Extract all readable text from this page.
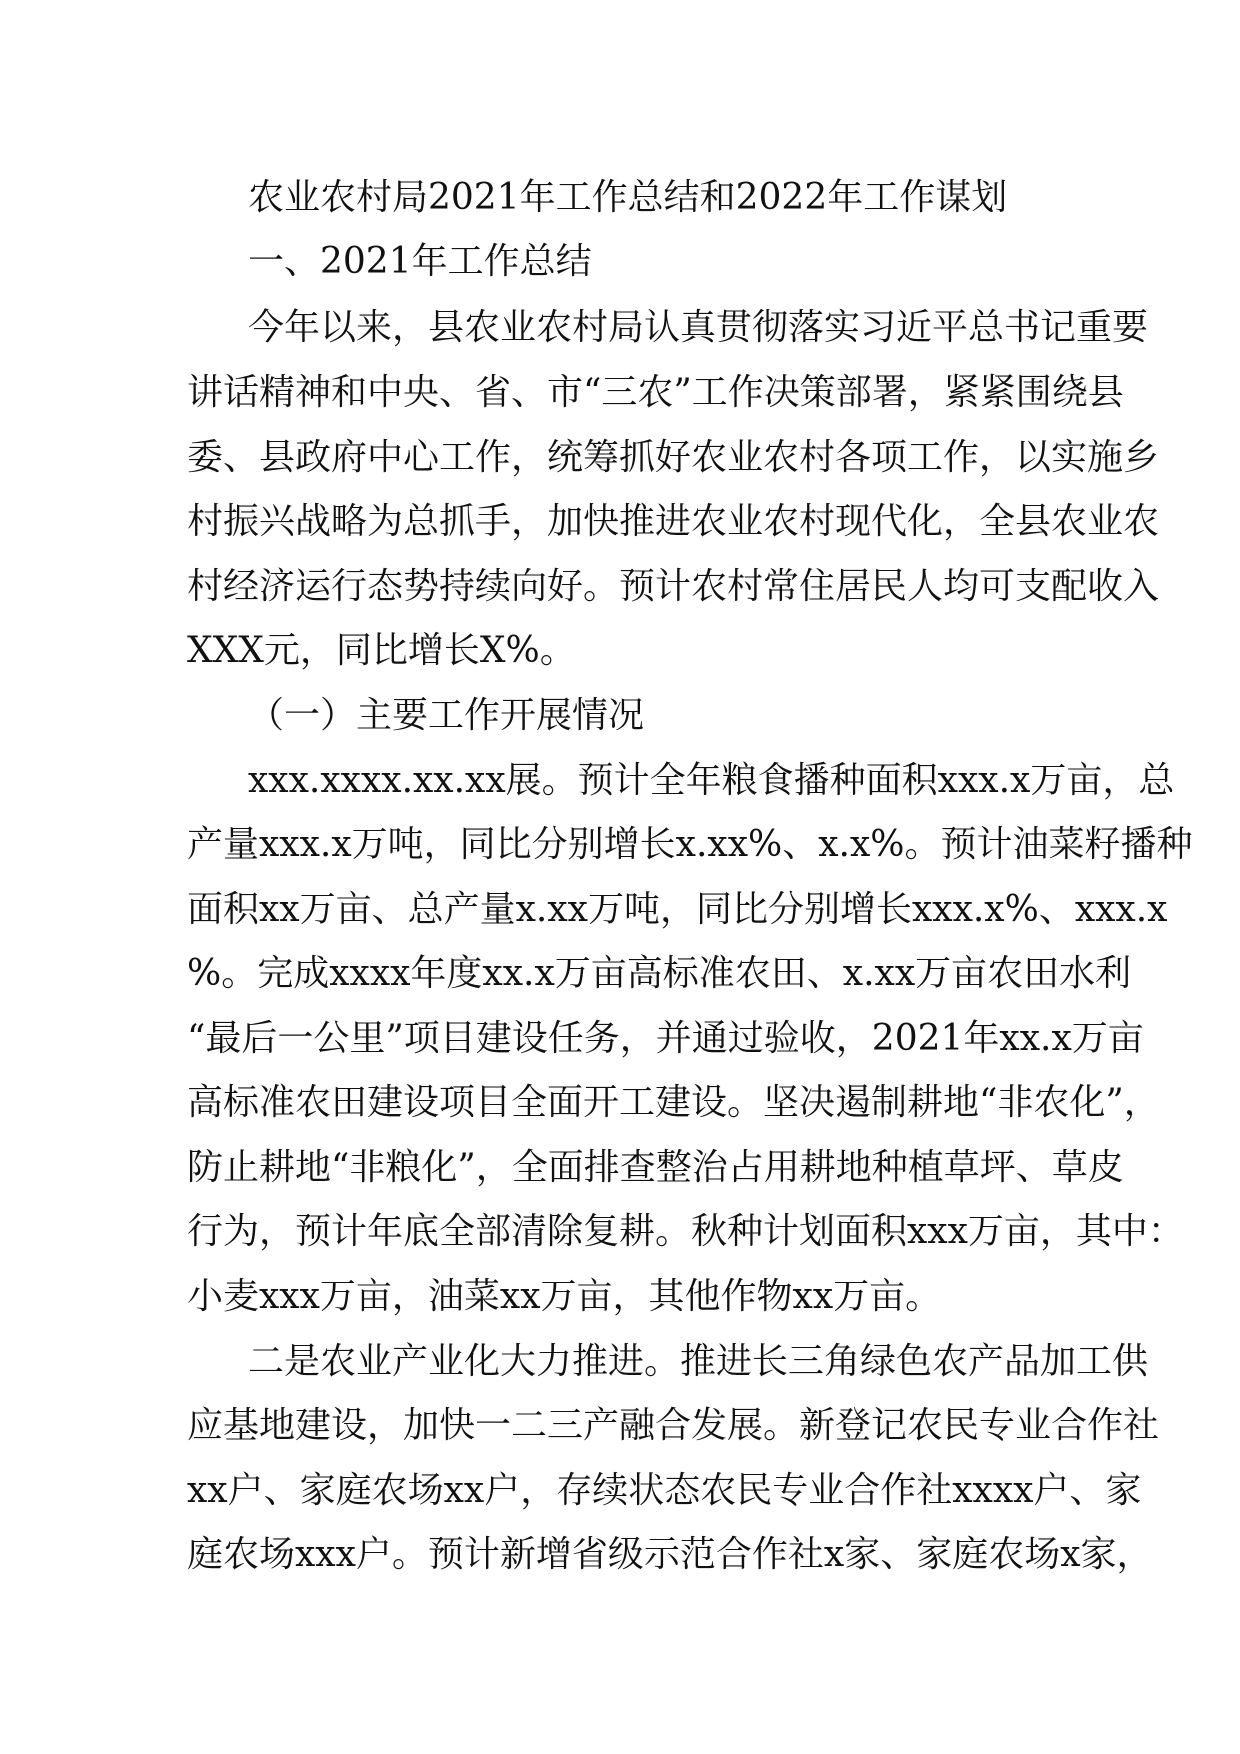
农业农村局2021年工作总结和2022年工作谋划
一、2021年工作总结
今年以来，县农业农村局认真贯彻落实习近平总书记重要
讲话精神和中央、省、市“三农”工作决策部署，紧紧围绕县
委、县政府中心工作，统筹抓好农业农村各项工作，以实施乡
村振兴战略为总抓手，加快推进农业农村现代化，全县农业农
村经济运行态势持续向好。预计农村常住居民人均可支配收入
XXX元，同比增长X%。
（一）主要工作开展情况
xxx.xxxx.xx.xx展。预计全年粮食播种面积xxx.x万亩，总
产量xxx.x万吨，同比分别增长x.xx%、x.x%。预计油菜籽播种
面积xx万亩、总产量x.xx万吨，同比分别增长xxx.x%、xxx.x
%。完成xxxx年度xx.x万亩高标准农田、x.xx万亩农田水利
“最后一公里”项目建设任务，并通过验收，2021年xx.x万亩
高标准农田建设项目全面开工建设。坚决遏制耕地“非农化”，
防止耕地“非粮化”，全面排查整治占用耕地种植草坪、草皮
行为，预计年底全部清除复耕。秋种计划面积xxx万亩，其中：
小麦xxx万亩，油菜xx万亩，其他作物xx万亩。
二是农业产业化大力推进。推进长三角绿色农产品加工供
应基地建设，加快一二三产融合发展。新登记农民专业合作社
xx户、家庭农场xx户，存续状态农民专业合作社xxxx户、家
庭农场xxx户。预计新增省级示范合作社x家、家庭农场x家，
